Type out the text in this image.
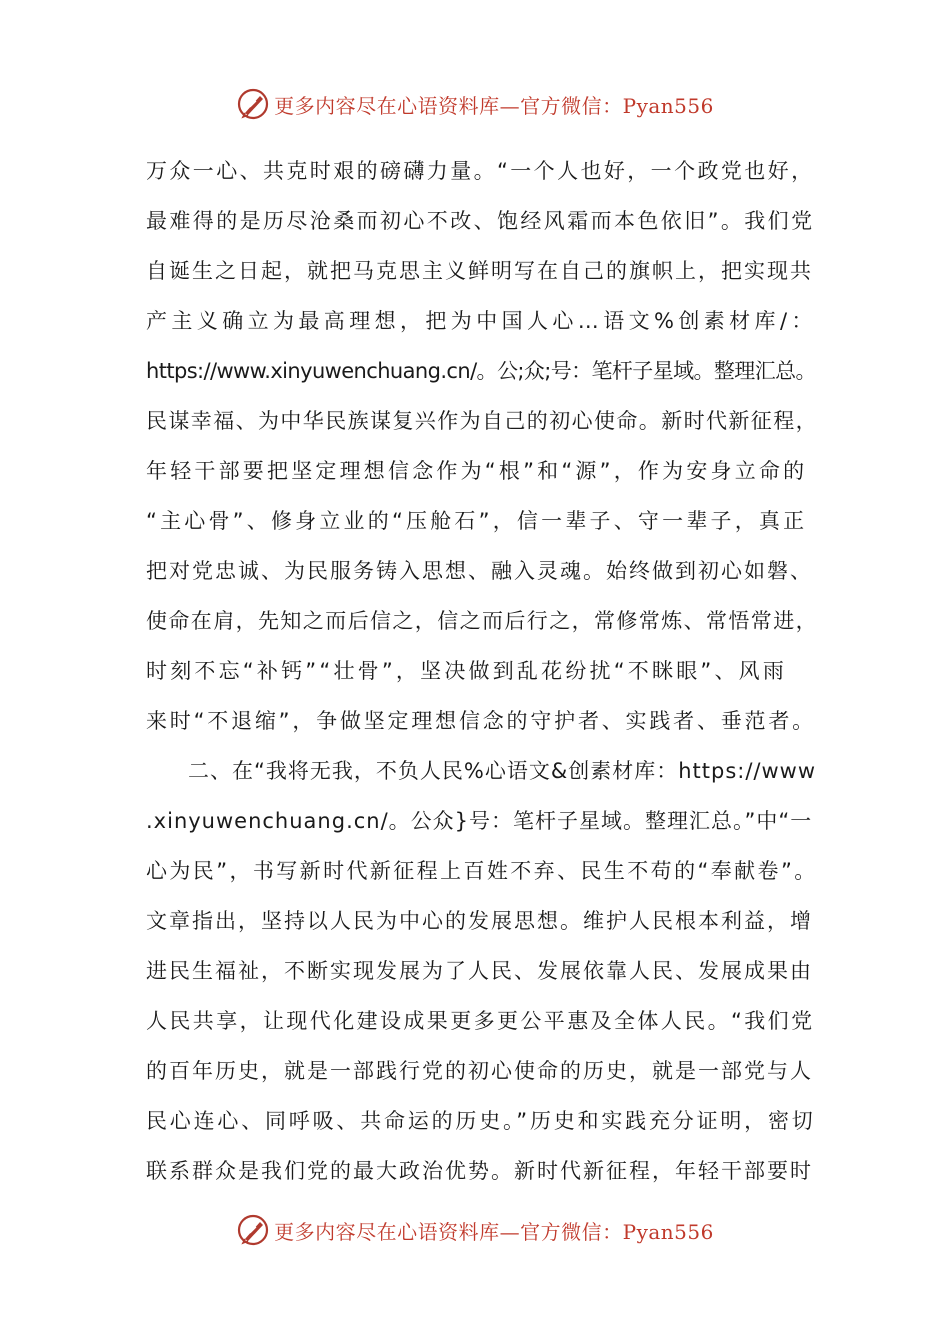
更多内容尽在心语资料库—官方微信：Pyan556
万众一心、共克时艰的磅礴力量。“一个人也好，一个政党也好，
最难得的是历尽沧桑而初心不改、饱经风霜而本色依旧”。我们党
自诞生之日起，就把马克思主义鲜明写在自己的旗帜上，把实现共
产主义确立为最高理想，把为中国人心…语文%创素材库/：
https://www.xinyuwenchuang.cn/。公;众;号：笔杆子星域。整理汇总。
民谋幸福、为中华民族谋复兴作为自己的初心使命。新时代新征程，
年轻干部要把坚定理想信念作为“根”和“源”，作为安身立命的
“主心骨”、修身立业的“压舱石”，信一辈子、守一辈子，真正
把对党忠诚、为民服务铸入思想、融入灵魂。始终做到初心如磐、
使命在肩，先知之而后信之，信之而后行之，常修常炼、常悟常进，
时刻不忘“补钙”“壮骨”，坚决做到乱花纷扰“不眯眼”、风雨
来时“不退缩”，争做坚定理想信念的守护者、实践者、垂范者。
二、在“我将无我，不负人民%心语文&创素材库：https://www
.xinyuwenchuang.cn/。公众}号：笔杆子星域。整理汇总。”中“一
心为民”，书写新时代新征程上百姓不弃、民生不苟的“奉献卷”。
文章指出，坚持以人民为中心的发展思想。维护人民根本利益，增
进民生福祉，不断实现发展为了人民、发展依靠人民、发展成果由
人民共享，让现代化建设成果更多更公平惠及全体人民。“我们党
的百年历史，就是一部践行党的初心使命的历史，就是一部党与人
民心连心、同呼吸、共命运的历史。”历史和实践充分证明，密切
联系群众是我们党的最大政治优势。新时代新征程，年轻干部要时
更多内容尽在心语资料库—官方微信：Pyan556
